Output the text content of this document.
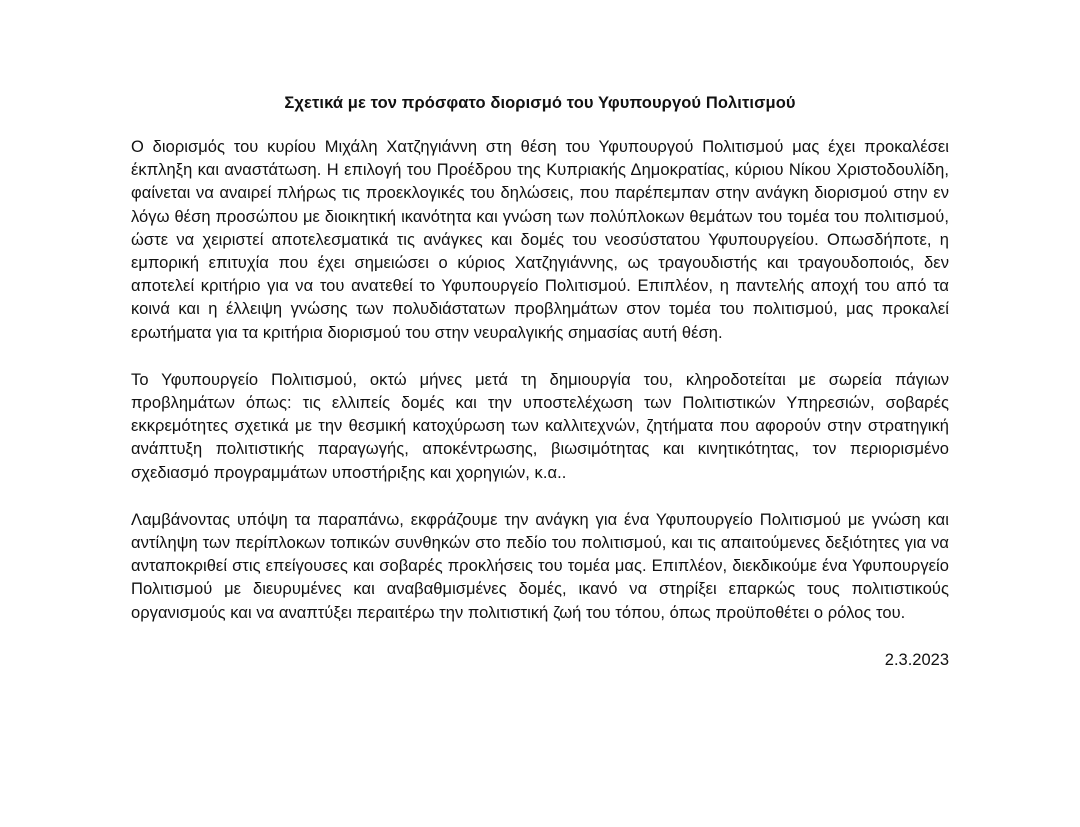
Σχετικά με τον πρόσφατο διορισμό του Υφυπουργού Πολιτισμού

Ο διορισμός του κυρίου Μιχάλη Χατζηγιάννη στη θέση του Υφυπουργού Πολιτισμού μας έχει προκαλέσει έκπληξη και αναστάτωση. Η επιλογή του Προέδρου της Κυπριακής Δημοκρατίας, κύριου Νίκου Χριστοδουλίδη, φαίνεται να αναιρεί πλήρως τις προεκλογικές του δηλώσεις, που παρέπεμπαν στην ανάγκη διορισμού στην εν λόγω θέση προσώπου με διοικητική ικανότητα και γνώση των πολύπλοκων θεμάτων του τομέα του πολιτισμού, ώστε να χειριστεί αποτελεσματικά τις ανάγκες και δομές του νεοσύστατου Υφυπουργείου. Οπωσδήποτε, η εμπορική επιτυχία που έχει σημειώσει ο κύριος Χατζηγιάννης, ως τραγουδιστής και τραγουδοποιός, δεν αποτελεί κριτήριο για να του ανατεθεί το Υφυπουργείο Πολιτισμού. Επιπλέον, η παντελής αποχή του από τα κοινά και η έλλειψη γνώσης των πολυδιάστατων προβλημάτων στον τομέα του πολιτισμού, μας προκαλεί ερωτήματα για τα κριτήρια διορισμού του στην νευραλγικής σημασίας αυτή θέση.

Το Υφυπουργείο Πολιτισμού, οκτώ μήνες μετά τη δημιουργία του, κληροδοτείται με σωρεία πάγιων προβλημάτων όπως: τις ελλιπείς δομές και την υποστελέχωση των Πολιτιστικών Υπηρεσιών, σοβαρές εκκρεμότητες σχετικά με την θεσμική κατοχύρωση των καλλιτεχνών, ζητήματα που αφορούν στην στρατηγική ανάπτυξη πολιτιστικής παραγωγής, αποκέντρωσης, βιωσιμότητας και κινητικότητας, τον περιορισμένο σχεδιασμό προγραμμάτων υποστήριξης και χορηγιών, κ.α..

Λαμβάνοντας υπόψη τα παραπάνω, εκφράζουμε την ανάγκη για ένα Υφυπουργείο Πολιτισμού με γνώση και αντίληψη των περίπλοκων τοπικών συνθηκών στο πεδίο του πολιτισμού, και τις απαιτούμενες δεξιότητες για να ανταποκριθεί στις επείγουσες και σοβαρές προκλήσεις του τομέα μας. Επιπλέον, διεκδικούμε ένα Υφυπουργείο Πολιτισμού με διευρυμένες και αναβαθμισμένες δομές, ικανό να στηρίξει επαρκώς τους πολιτιστικούς οργανισμούς και να αναπτύξει περαιτέρω την πολιτιστική ζωή του τόπου, όπως προϋποθέτει ο ρόλος του.

2.3.2023
